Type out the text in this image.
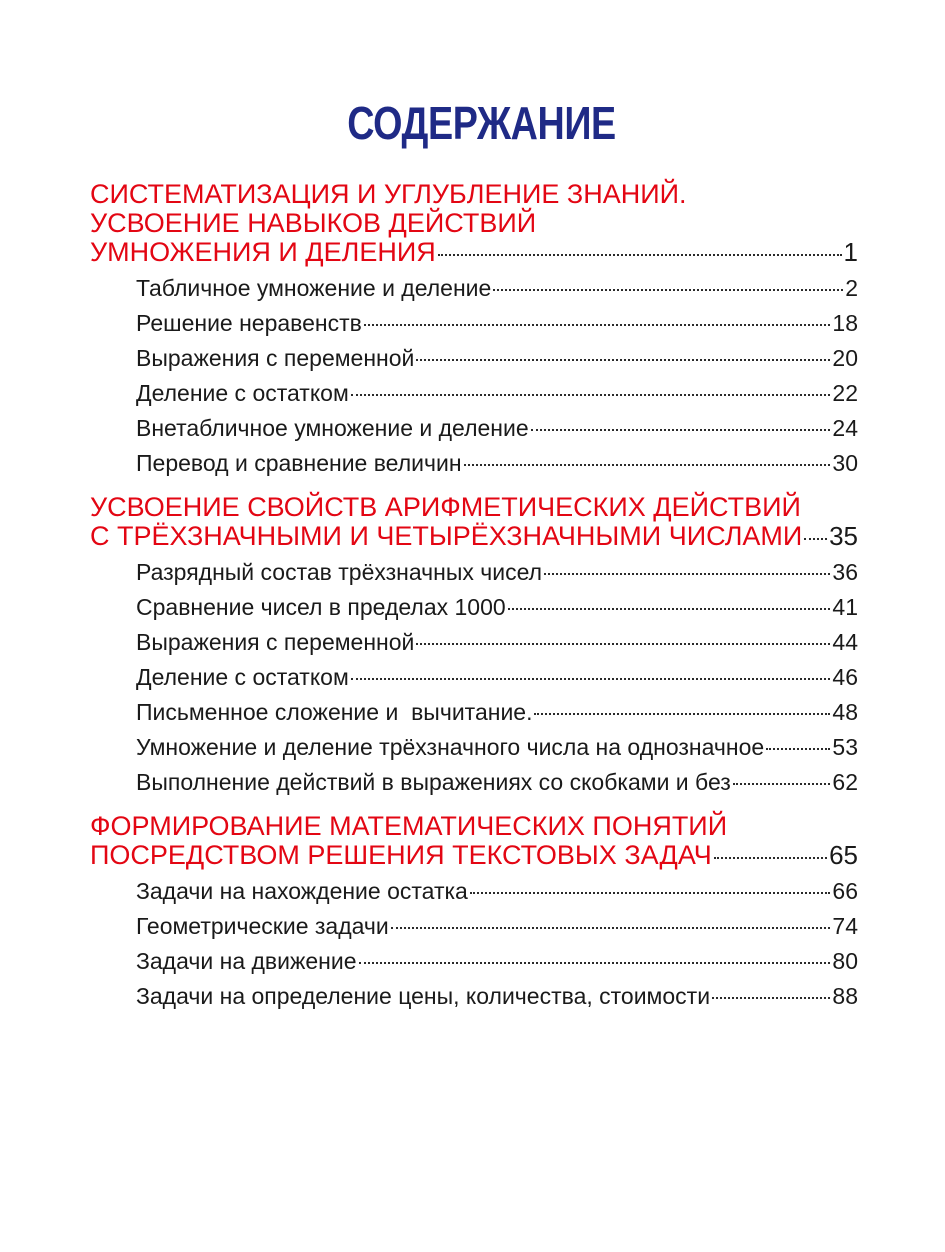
СОДЕРЖАНИЕ
СИСТЕМАТИЗАЦИЯ И УГЛУБЛЕНИЕ ЗНАНИЙ.
УСВОЕНИЕ НАВЫКОВ ДЕЙСТВИЙ
УМНОЖЕНИЯ И ДЕЛЕНИЯ	1
Табличное умножение и деление	2
Решение неравенств	18
Выражения с переменной	20
Деление с остатком	22
Внетабличное умножение и деление	24
Перевод и сравнение величин	30
УСВОЕНИЕ СВОЙСТВ АРИФМЕТИЧЕСКИХ ДЕЙСТВИЙ
С ТРЁХЗНАЧНЫМИ И ЧЕТЫРЁХЗНАЧНЫМИ ЧИСЛАМИ 35
Разрядный состав трёхзначных чисел	36
Сравнение чисел в пределах 1000	41
Выражения с переменной	44
Деление с остатком	46
Письменное сложение и  вычитание.	48
Умножение и деление трёхзначного числа на однозначное	53
Выполнение действий в выражениях со скобками и без	62
ФОРМИРОВАНИЕ МАТЕМАТИЧЕСКИХ ПОНЯТИЙ
ПОСРЕДСТВОМ РЕШЕНИЯ ТЕКСТОВЫХ ЗАДАЧ	65
Задачи на нахождение остатка	66
Геометрические задачи	74
Задачи на движение	80
Задачи на определение цены, количества, стоимости	88
